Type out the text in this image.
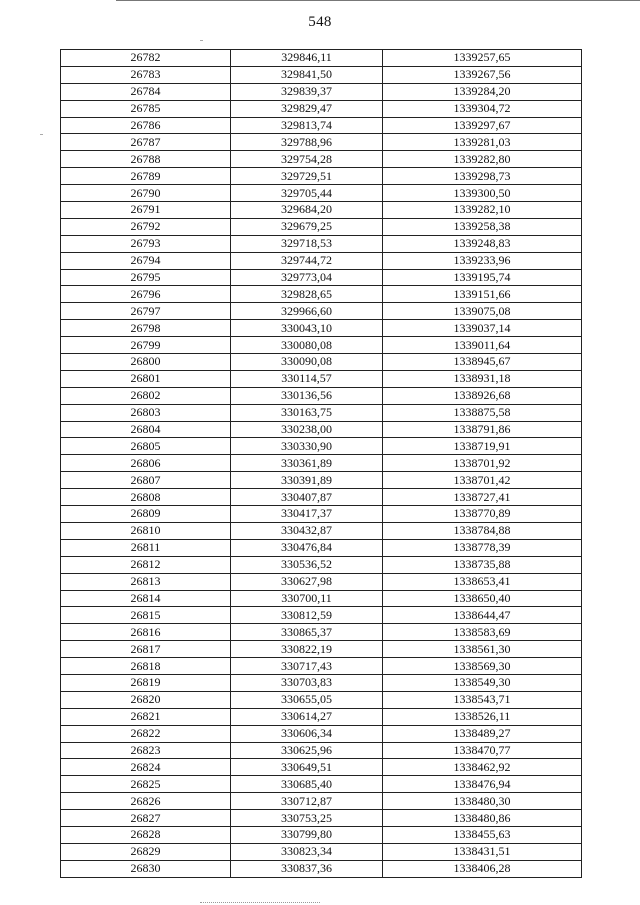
548
26782	329846,11	1339257,65
26783	329841,50	1339267,56
26784	329839,37	1339284,20
26785	329829,47	1339304,72
26786	329813,74	1339297,67
26787	329788,96	1339281,03
26788	329754,28	1339282,80
26789	329729,51	1339298,73
26790	329705,44	1339300,50
26791	329684,20	1339282,10
26792	329679,25	1339258,38
26793	329718,53	1339248,83
26794	329744,72	1339233,96
26795	329773,04	1339195,74
26796	329828,65	1339151,66
26797	329966,60	1339075,08
26798	330043,10	1339037,14
26799	330080,08	1339011,64
26800	330090,08	1338945,67
26801	330114,57	1338931,18
26802	330136,56	1338926,68
26803	330163,75	1338875,58
26804	330238,00	1338791,86
26805	330330,90	1338719,91
26806	330361,89	1338701,92
26807	330391,89	1338701,42
26808	330407,87	1338727,41
26809	330417,37	1338770,89
26810	330432,87	1338784,88
26811	330476,84	1338778,39
26812	330536,52	1338735,88
26813	330627,98	1338653,41
26814	330700,11	1338650,40
26815	330812,59	1338644,47
26816	330865,37	1338583,69
26817	330822,19	1338561,30
26818	330717,43	1338569,30
26819	330703,83	1338549,30
26820	330655,05	1338543,71
26821	330614,27	1338526,11
26822	330606,34	1338489,27
26823	330625,96	1338470,77
26824	330649,51	1338462,92
26825	330685,40	1338476,94
26826	330712,87	1338480,30
26827	330753,25	1338480,86
26828	330799,80	1338455,63
26829	330823,34	1338431,51
26830	330837,36	1338406,28
